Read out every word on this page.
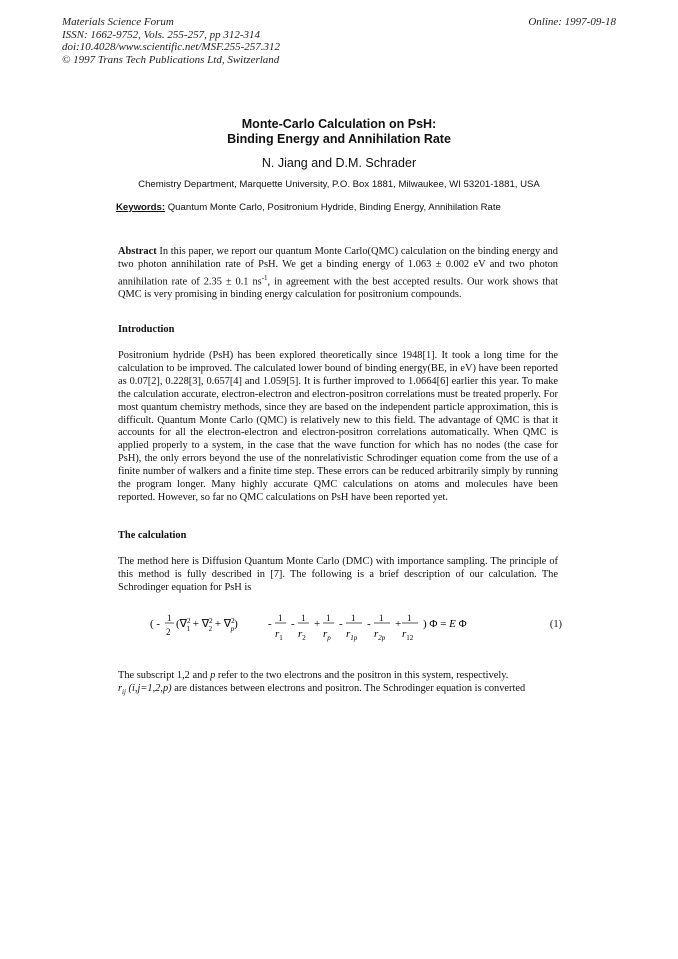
Materials Science Forum
ISSN: 1662-9752, Vols. 255-257, pp 312-314
doi:10.4028/www.scientific.net/MSF.255-257.312
© 1997 Trans Tech Publications Ltd, Switzerland
Online: 1997-09-18
Monte-Carlo Calculation on PsH:
Binding Energy and Annihilation Rate
N. Jiang and D.M. Schrader
Chemistry Department, Marquette University, P.O. Box 1881, Milwaukee, WI 53201-1881, USA
Keywords: Quantum Monte Carlo, Positronium Hydride, Binding Energy, Annihilation Rate

Abstract In this paper, we report our quantum Monte Carlo(QMC) calculation on the binding energy and two photon annihilation rate of PsH. We get a binding energy of 1.063 ± 0.002 eV and two photon annihilation rate of 2.35 ± 0.1 $ns^{-1}$, in agreement with the best accepted results. Our work shows that QMC is very promising in binding energy calculation for positronium compounds.

Introduction

Positronium hydride (PsH) has been explored theoretically since 1948[1]. It took a long time for the calculation to be improved. The calculated lower bound of binding energy(BE, in eV) have been reported as 0.07[2], 0.228[3], 0.657[4] and 1.059[5]. It is further improved to 1.0664[6] earlier this year. To make the calculation accurate, electron-electron and electron-positron correlations must be treated properly. For most quantum chemistry methods, since they are based on the independent particle approximation, this is difficult. Quantum Monte Carlo (QMC) is relatively new to this field. The advantage of QMC is that it accounts for all the electron-electron and electron-positron correlations automatically. When QMC is applied properly to a system, in the case that the wave function for which has no nodes (the case for PsH), the only errors beyond the use of the nonrelativistic Schrodinger equation come from the use of a finite number of walkers and a finite time step. These errors can be reduced arbitrarily simply by running the program longer. Many highly accurate QMC calculations on atoms and molecules have been reported. However, so far no QMC calculations on PsH have been reported yet.

The calculation

The method here is Diffusion Quantum Monte Carlo (DMC) with importance sampling. The principle of this method is fully described in [7]. The following is a brief description of our calculation. The Schrodinger equation for PsH is

( - 1
2
(∇$^2$ 1 + ∇$^2$ 2 + ∇$^2$ p)	- 1
$r_1$
- 1
$r_2$
+ 1
$r_p$
- 1
$r_{1p}$
- 1
$r_{2p}$
+ 1
$r_{12}$
) Φ = E Φ	(1)

The subscript 1,2 and p refer to the two electrons and the positron in this system, respectively.
$r_{ij}$ (i,j=1,2,p) are distances between electrons and positron. The Schrodinger equation is converted
